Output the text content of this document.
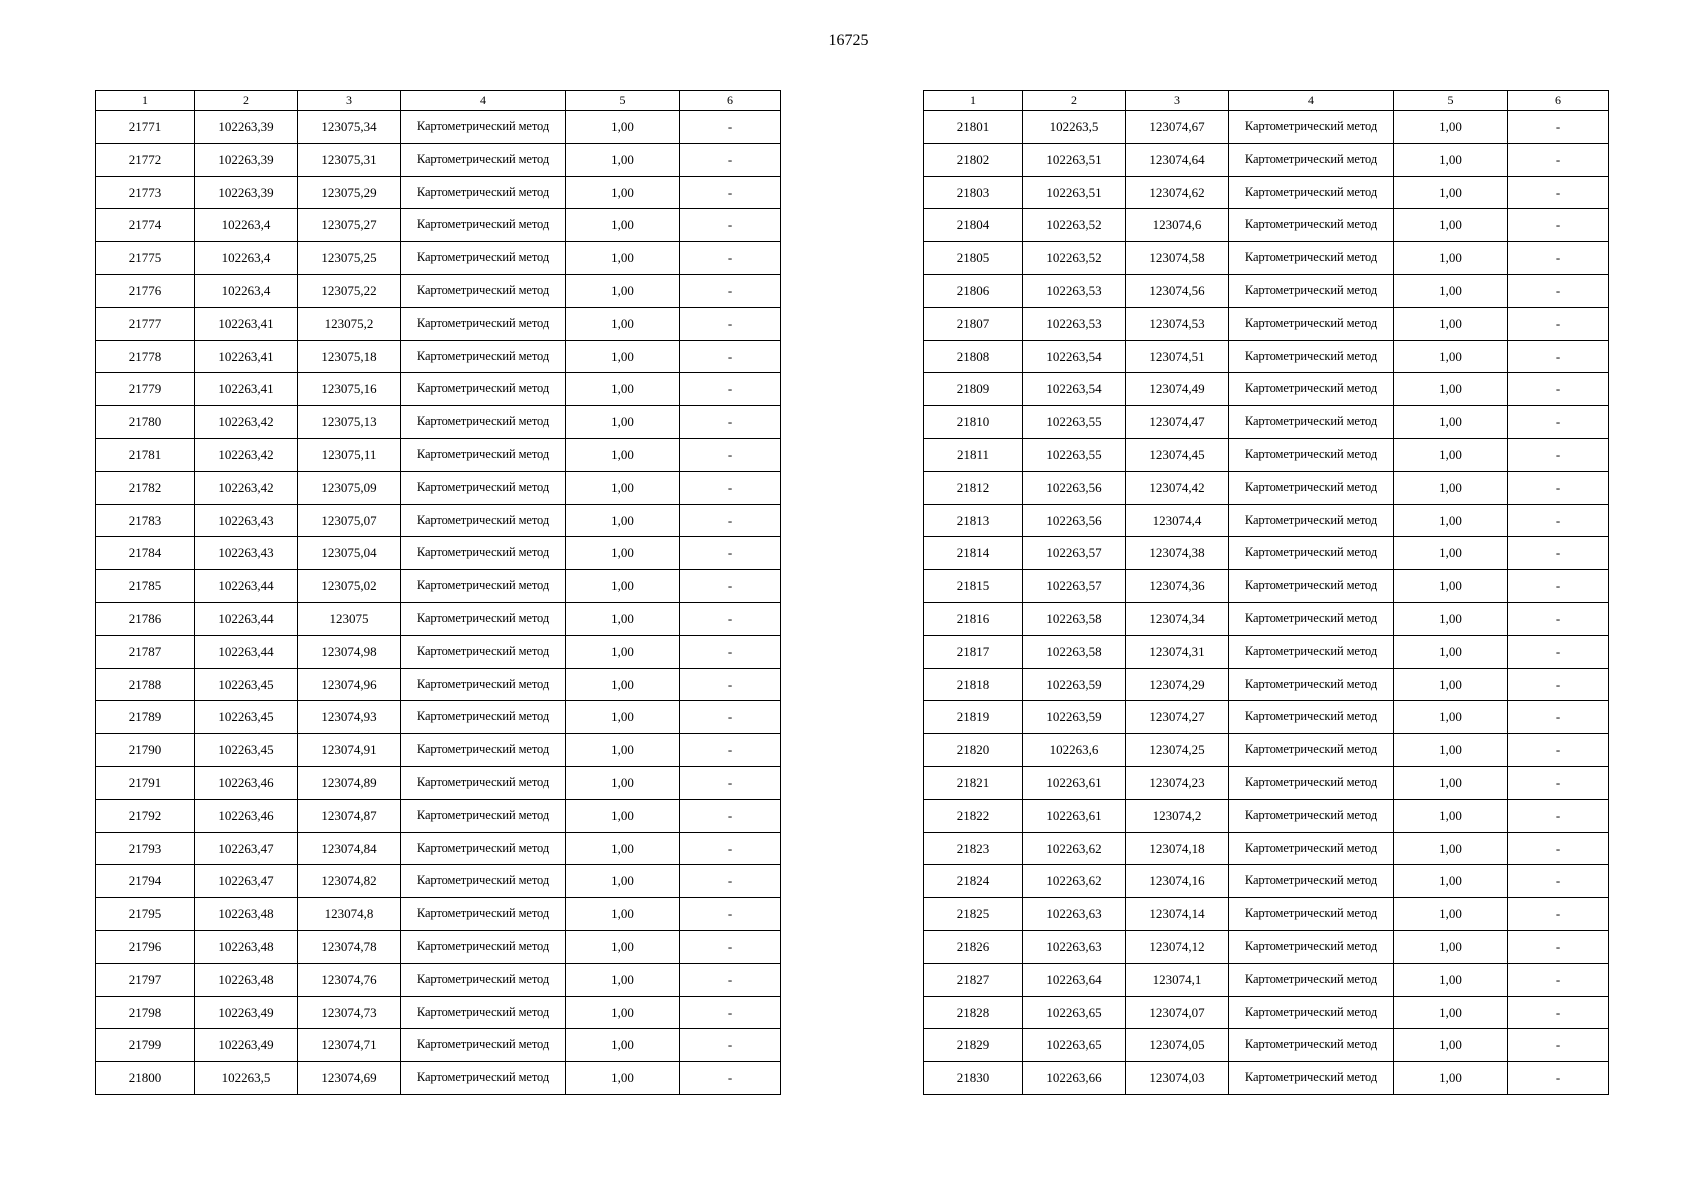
16725
1	2	3	4	5	6
21771	102263,39	123075,34	Картометрический метод	1,00	-
21772	102263,39	123075,31	Картометрический метод	1,00	-
21773	102263,39	123075,29	Картометрический метод	1,00	-
21774	102263,4	123075,27	Картометрический метод	1,00	-
21775	102263,4	123075,25	Картометрический метод	1,00	-
21776	102263,4	123075,22	Картометрический метод	1,00	-
21777	102263,41	123075,2	Картометрический метод	1,00	-
21778	102263,41	123075,18	Картометрический метод	1,00	-
21779	102263,41	123075,16	Картометрический метод	1,00	-
21780	102263,42	123075,13	Картометрический метод	1,00	-
21781	102263,42	123075,11	Картометрический метод	1,00	-
21782	102263,42	123075,09	Картометрический метод	1,00	-
21783	102263,43	123075,07	Картометрический метод	1,00	-
21784	102263,43	123075,04	Картометрический метод	1,00	-
21785	102263,44	123075,02	Картометрический метод	1,00	-
21786	102263,44	123075	Картометрический метод	1,00	-
21787	102263,44	123074,98	Картометрический метод	1,00	-
21788	102263,45	123074,96	Картометрический метод	1,00	-
21789	102263,45	123074,93	Картометрический метод	1,00	-
21790	102263,45	123074,91	Картометрический метод	1,00	-
21791	102263,46	123074,89	Картометрический метод	1,00	-
21792	102263,46	123074,87	Картометрический метод	1,00	-
21793	102263,47	123074,84	Картометрический метод	1,00	-
21794	102263,47	123074,82	Картометрический метод	1,00	-
21795	102263,48	123074,8	Картометрический метод	1,00	-
21796	102263,48	123074,78	Картометрический метод	1,00	-
21797	102263,48	123074,76	Картометрический метод	1,00	-
21798	102263,49	123074,73	Картометрический метод	1,00	-
21799	102263,49	123074,71	Картометрический метод	1,00	-
21800	102263,5	123074,69	Картометрический метод	1,00	-
1	2	3	4	5	6
21801	102263,5	123074,67	Картометрический метод	1,00	-
21802	102263,51	123074,64	Картометрический метод	1,00	-
21803	102263,51	123074,62	Картометрический метод	1,00	-
21804	102263,52	123074,6	Картометрический метод	1,00	-
21805	102263,52	123074,58	Картометрический метод	1,00	-
21806	102263,53	123074,56	Картометрический метод	1,00	-
21807	102263,53	123074,53	Картометрический метод	1,00	-
21808	102263,54	123074,51	Картометрический метод	1,00	-
21809	102263,54	123074,49	Картометрический метод	1,00	-
21810	102263,55	123074,47	Картометрический метод	1,00	-
21811	102263,55	123074,45	Картометрический метод	1,00	-
21812	102263,56	123074,42	Картометрический метод	1,00	-
21813	102263,56	123074,4	Картометрический метод	1,00	-
21814	102263,57	123074,38	Картометрический метод	1,00	-
21815	102263,57	123074,36	Картометрический метод	1,00	-
21816	102263,58	123074,34	Картометрический метод	1,00	-
21817	102263,58	123074,31	Картометрический метод	1,00	-
21818	102263,59	123074,29	Картометрический метод	1,00	-
21819	102263,59	123074,27	Картометрический метод	1,00	-
21820	102263,6	123074,25	Картометрический метод	1,00	-
21821	102263,61	123074,23	Картометрический метод	1,00	-
21822	102263,61	123074,2	Картометрический метод	1,00	-
21823	102263,62	123074,18	Картометрический метод	1,00	-
21824	102263,62	123074,16	Картометрический метод	1,00	-
21825	102263,63	123074,14	Картометрический метод	1,00	-
21826	102263,63	123074,12	Картометрический метод	1,00	-
21827	102263,64	123074,1	Картометрический метод	1,00	-
21828	102263,65	123074,07	Картометрический метод	1,00	-
21829	102263,65	123074,05	Картометрический метод	1,00	-
21830	102263,66	123074,03	Картометрический метод	1,00	-
